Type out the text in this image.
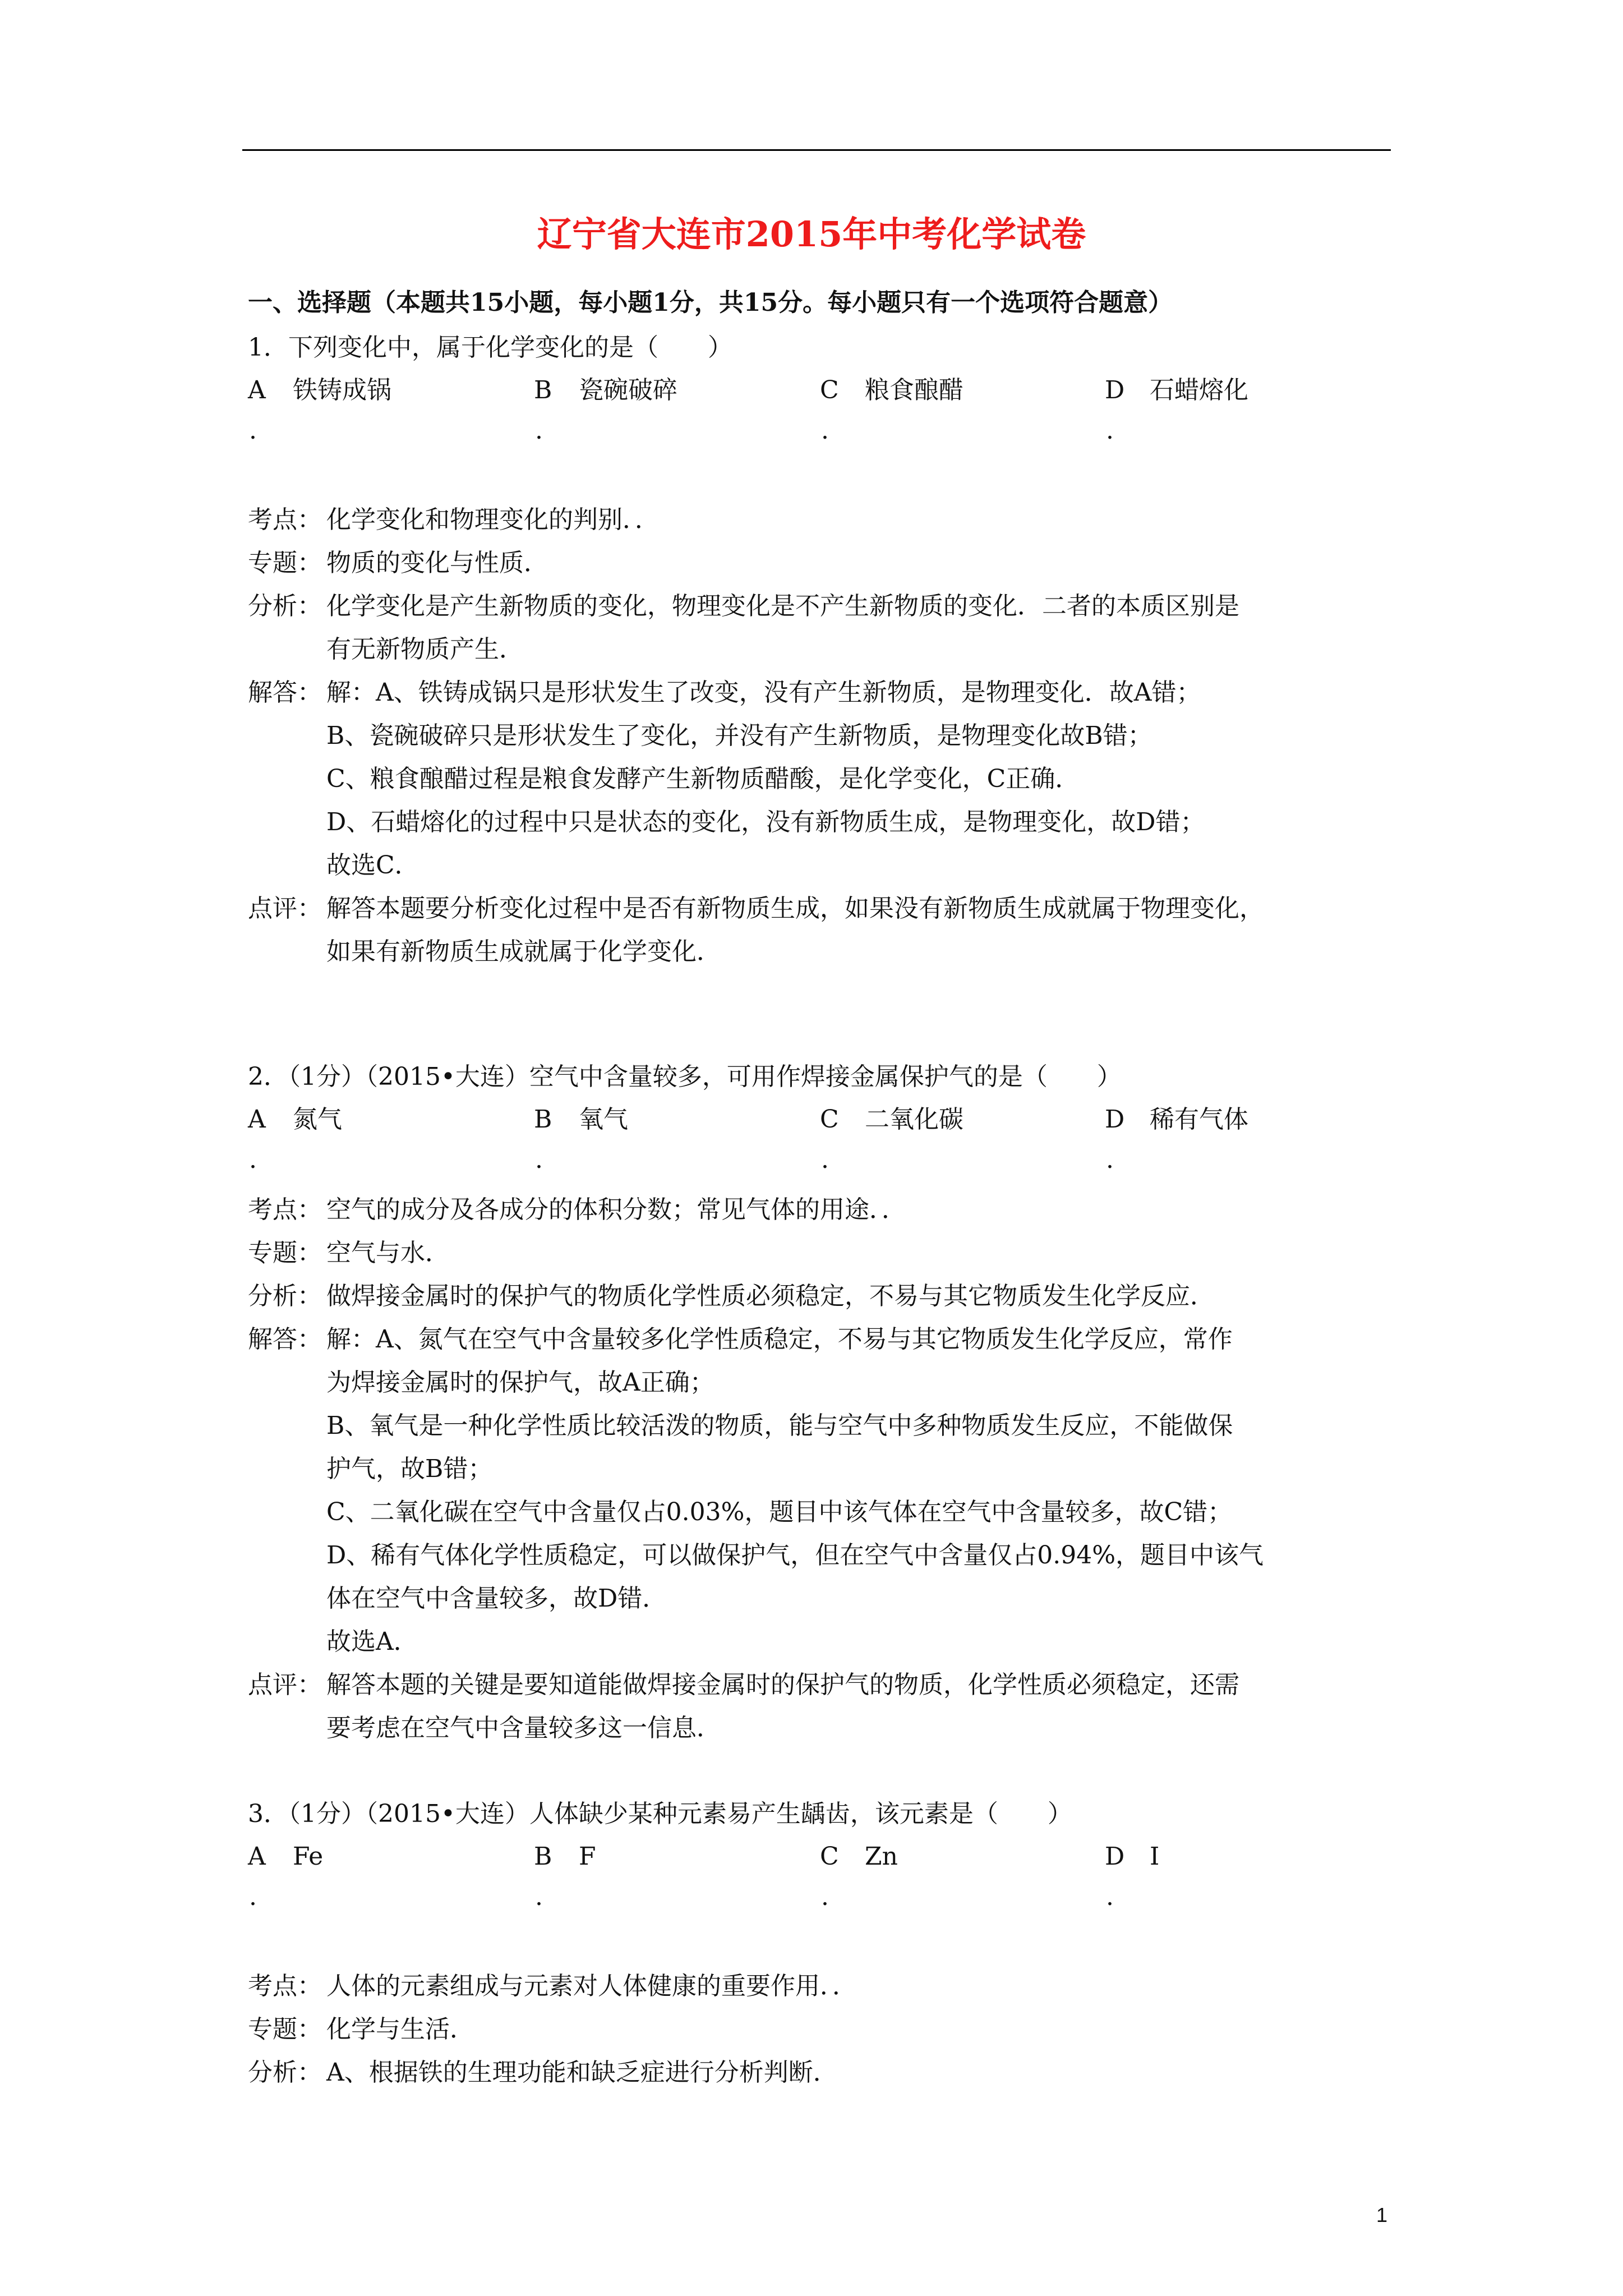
辽宁省大连市2015年中考化学试卷
一、选择题（本题共15小题，每小题1分，共15分。每小题只有一个选项符合题意）
1．下列变化中，属于化学变化的是（　　）
A 铁铸成锅
.
B 瓷碗破碎
.
C 粮食酿醋
.
D 石蜡熔化
.
考点： 化学变化和物理变化的判别．．
专题： 物质的变化与性质．
分析： 化学变化是产生新物质的变化，物理变化是不产生新物质的变化．二者的本质区别是
有无新物质产生．
解答： 解：A、铁铸成锅只是形状发生了改变，没有产生新物质，是物理变化．故A错；
B、瓷碗破碎只是形状发生了变化，并没有产生新物质，是物理变化故B错；
C、粮食酿醋过程是粮食发酵产生新物质醋酸，是化学变化，C正确．
D、石蜡熔化的过程中只是状态的变化，没有新物质生成，是物理变化，故D错；
故选C．
点评： 解答本题要分析变化过程中是否有新物质生成，如果没有新物质生成就属于物理变化，
如果有新物质生成就属于化学变化．
2．（1分）（2015•大连）空气中含量较多，可用作焊接金属保护气的是（　　）
A 氮气
.
B 氧气
.
C 二氧化碳
.
D 稀有气体
.
考点： 空气的成分及各成分的体积分数；常见气体的用途．．
专题： 空气与水．
分析： 做焊接金属时的保护气的物质化学性质必须稳定，不易与其它物质发生化学反应．
解答： 解：A、氮气在空气中含量较多化学性质稳定，不易与其它物质发生化学反应，常作
为焊接金属时的保护气，故A正确；
B、氧气是一种化学性质比较活泼的物质，能与空气中多种物质发生反应，不能做保
护气，故B错；
C、二氧化碳在空气中含量仅占0.03%，题目中该气体在空气中含量较多，故C错；
D、稀有气体化学性质稳定，可以做保护气，但在空气中含量仅占0.94%，题目中该气
体在空气中含量较多，故D错．
故选A．
点评： 解答本题的关键是要知道能做焊接金属时的保护气的物质，化学性质必须稳定，还需
要考虑在空气中含量较多这一信息．
3．（1分）（2015•大连）人体缺少某种元素易产生龋齿，该元素是（　　）
A Fe
.
B F
.
C Zn
.
D I
.
考点： 人体的元素组成与元素对人体健康的重要作用．．
专题： 化学与生活．
分析： A、根据铁的生理功能和缺乏症进行分析判断．
1
